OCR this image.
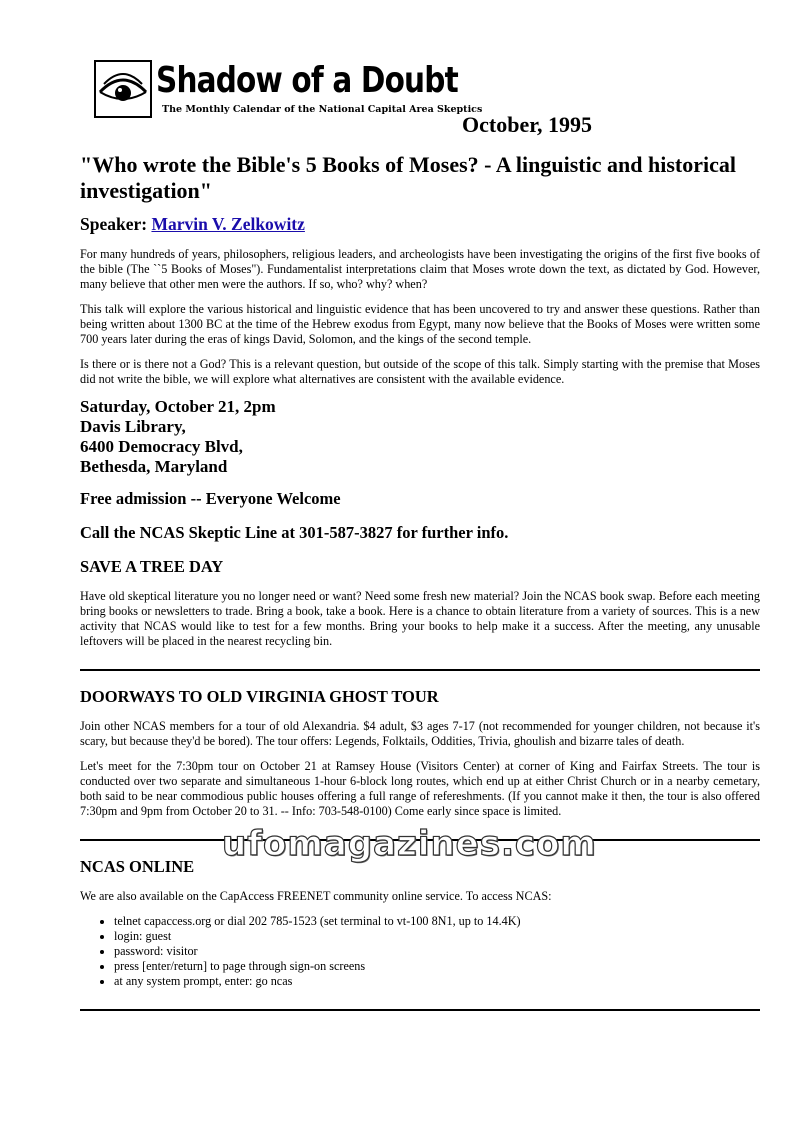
Shadow of a Doubt
The Monthly Calendar of the National Capital Area Skeptics
October, 1995
"Who wrote the Bible's 5 Books of Moses? - A linguistic and historical investigation"
Speaker: Marvin V. Zelkowitz

For many hundreds of years, philosophers, religious leaders, and archeologists have been investigating the origins of the first five books of the bible (The ``5 Books of Moses"). Fundamentalist interpretations claim that Moses wrote down the text, as dictated by God. However, many believe that other men were the authors. If so, who? why? when?

This talk will explore the various historical and linguistic evidence that has been uncovered to try and answer these questions. Rather than being written about 1300 BC at the time of the Hebrew exodus from Egypt, many now believe that the Books of Moses were written some 700 years later during the eras of kings David, Solomon, and the kings of the second temple.

Is there or is there not a God? This is a relevant question, but outside of the scope of this talk. Simply starting with the premise that Moses did not write the bible, we will explore what alternatives are consistent with the available evidence.

Saturday, October 21, 2pm
Davis Library,
6400 Democracy Blvd,
Bethesda, Maryland
Free admission -- Everyone Welcome
Call the NCAS Skeptic Line at 301-587-3827 for further info.
SAVE A TREE DAY

Have old skeptical literature you no longer need or want? Need some fresh new material? Join the NCAS book swap. Before each meeting bring books or newsletters to trade. Bring a book, take a book. Here is a chance to obtain literature from a variety of sources. This is a new activity that NCAS would like to test for a few months. Bring your books to help make it a success. After the meeting, any unusable leftovers will be placed in the nearest recycling bin.

DOORWAYS TO OLD VIRGINIA GHOST TOUR

Join other NCAS members for a tour of old Alexandria. $4 adult, $3 ages 7-17 (not recommended for younger children, not because it's scary, but because they'd be bored). The tour offers: Legends, Folktails, Oddities, Trivia, ghoulish and bizarre tales of death.

Let's meet for the 7:30pm tour on October 21 at Ramsey House (Visitors Center) at corner of King and Fairfax Streets. The tour is conducted over two separate and simultaneous 1-hour 6-block long routes, which end up at either Christ Church or in a nearby cemetary, both said to be near commodious public houses offering a full range of refereshments. (If you cannot make it then, the tour is also offered 7:30pm and 9pm from October 20 to 31. -- Info: 703-548-0100) Come early since space is limited.

NCAS ONLINE

We are also available on the CapAccess FREENET community online service. To access NCAS:

• telnet capaccess.org or dial 202 785-1523 (set terminal to vt-100 8N1, up to 14.4K)
• login: guest
• password: visitor
• press [enter/return] to page through sign-on screens
• at any system prompt, enter: go ncas
ufomagazines.com
